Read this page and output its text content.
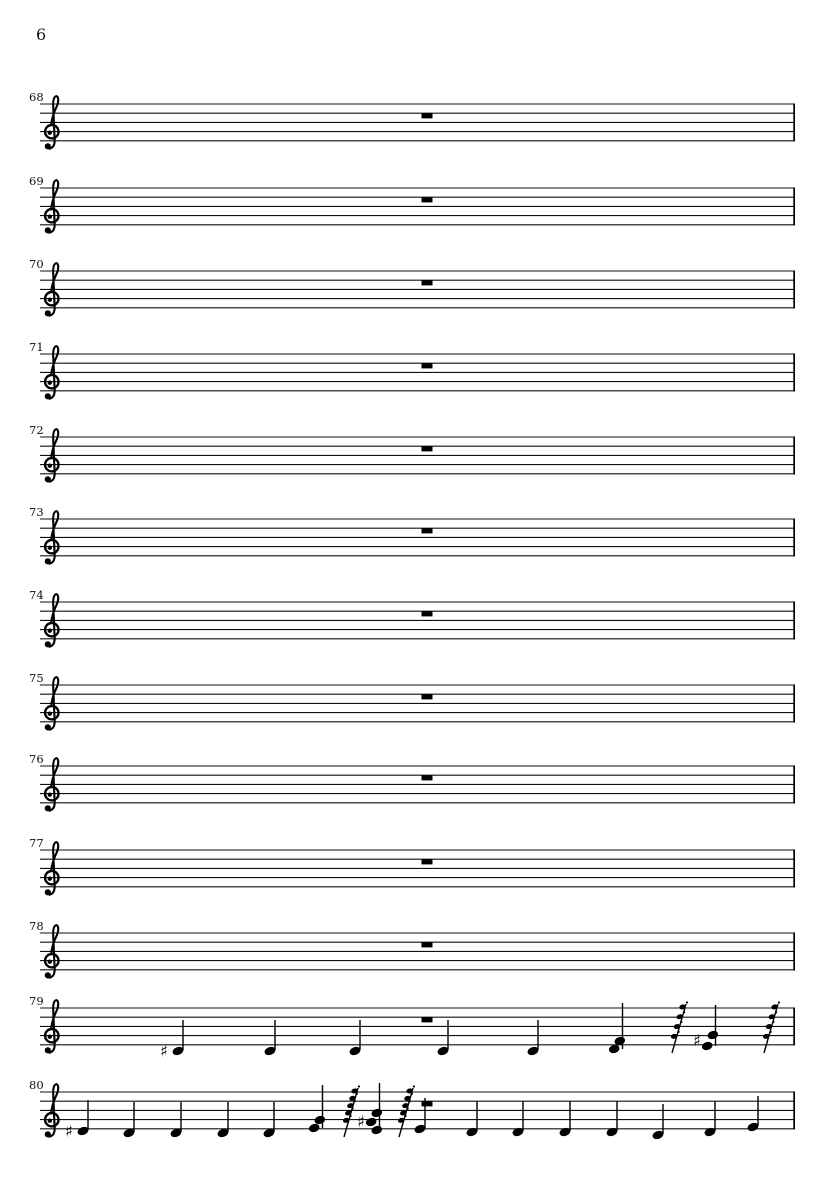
6
68
69
70
71
72
73
74
75
76
77
78
79
♯
♯
80
♯	♯
